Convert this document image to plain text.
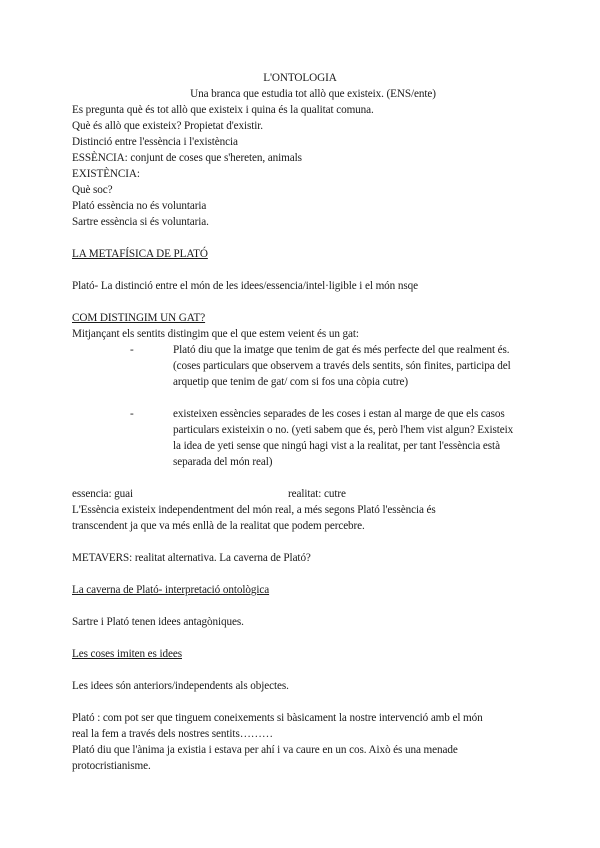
L'ONTOLOGIA
Una branca que estudia tot allò que existeix. (ENS/ente)
Es pregunta què és tot allò que existeix i quina és la qualitat comuna.
Què és allò que existeix? Propietat d'existir.
Distinció entre l'essència i l'existència
ESSÈNCIA: conjunt de coses que s'hereten, animals
EXISTÈNCIA:
Què soc?
Plató essència no és voluntaria
Sartre essència si és voluntaria.
LA METAFÍSICA DE PLATÓ
Plató- La distinció entre el món de les idees/essencia/intel·ligible i el món nsqe
COM DISTINGIM UN GAT?
Mitjançant els sentits distingim que el que estem veient és un gat:
-	Plató diu que la imatge que tenim de gat és més perfecte del que realment és.
(coses particulars que observem a través dels sentits, són finites, participa del
arquetip que tenim de gat/ com si fos una còpia cutre)
-	existeixen essències separades de les coses i estan al marge de que els casos
particulars existeixin o no. (yeti sabem que és, però l'hem vist algun? Existeix
la idea de yeti sense que ningú hagi vist a la realitat, per tant l'essència està
separada del món real)
essencia: guai	realitat: cutre
L'Essència existeix independentment del món real, a més segons Plató l'essència és
transcendent ja que va més enllà de la realitat que podem percebre.
METAVERS: realitat alternativa. La caverna de Plató?
La caverna de Plató- interpretació ontològica
Sartre i Plató tenen idees antagòniques.
Les coses imiten es idees
Les idees són anteriors/independents als objectes.
Plató : com pot ser que tinguem coneixements si bàsicament la nostre intervenció amb el món
real la fem a través dels nostres sentits………
Plató diu que l'ànima ja existia i estava per ahí i va caure en un cos. Això és una menade
protocristianisme.
